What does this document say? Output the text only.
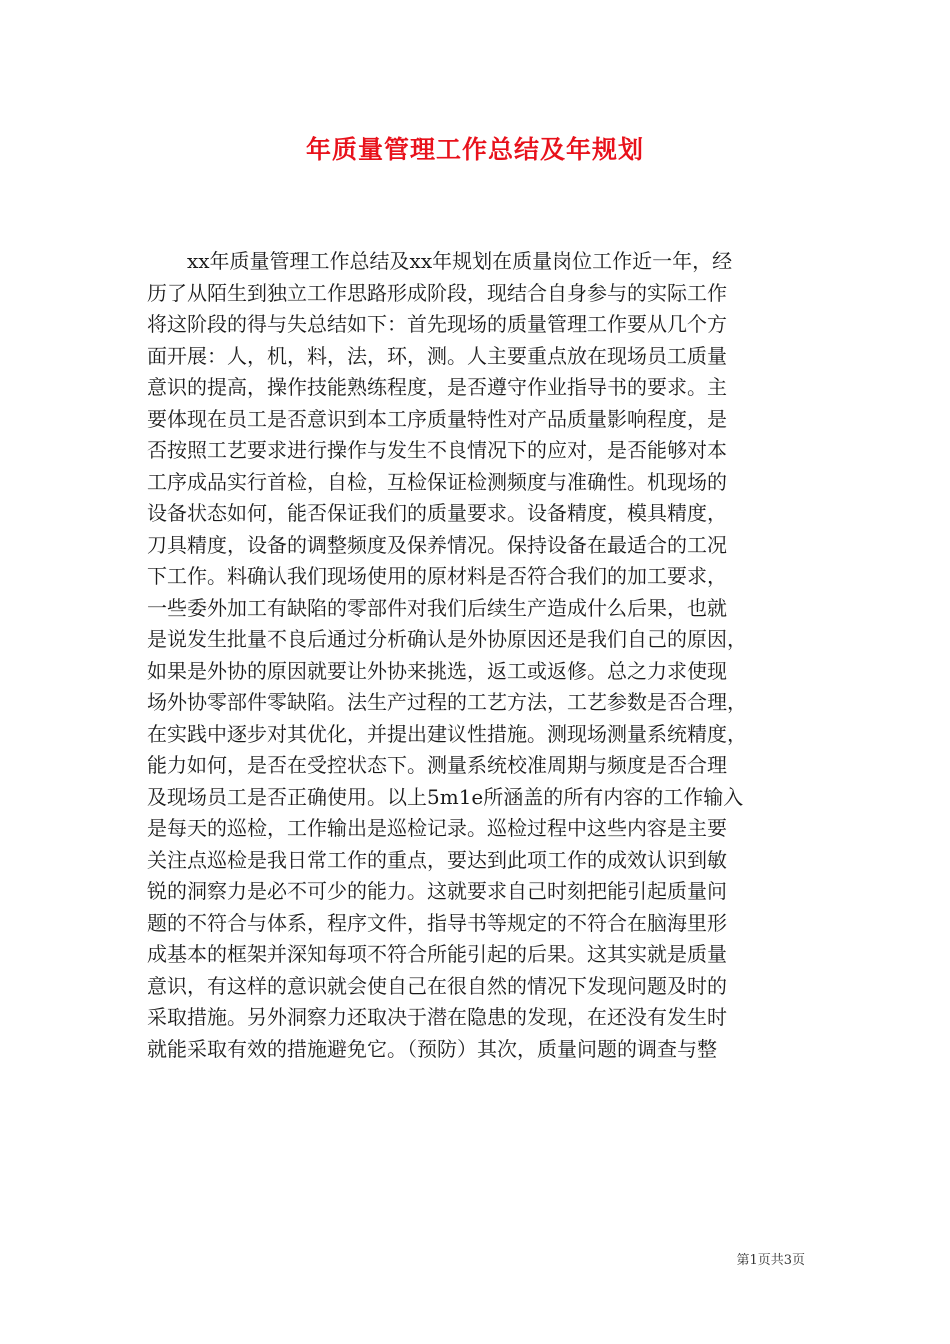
年质量管理工作总结及年规划
xx年质量管理工作总结及xx年规划在质量岗位工作近一年，经
历了从陌生到独立工作思路形成阶段，现结合自身参与的实际工作
将这阶段的得与失总结如下：首先现场的质量管理工作要从几个方
面开展：人，机，料，法，环，测。人主要重点放在现场员工质量
意识的提高，操作技能熟练程度，是否遵守作业指导书的要求。主
要体现在员工是否意识到本工序质量特性对产品质量影响程度，是
否按照工艺要求进行操作与发生不良情况下的应对，是否能够对本
工序成品实行首检，自检，互检保证检测频度与准确性。机现场的
设备状态如何，能否保证我们的质量要求。设备精度，模具精度，
刀具精度，设备的调整频度及保养情况。保持设备在最适合的工况
下工作。料确认我们现场使用的原材料是否符合我们的加工要求，
一些委外加工有缺陷的零部件对我们后续生产造成什么后果，也就
是说发生批量不良后通过分析确认是外协原因还是我们自己的原因，
如果是外协的原因就要让外协来挑选，返工或返修。总之力求使现
场外协零部件零缺陷。法生产过程的工艺方法，工艺参数是否合理，
在实践中逐步对其优化，并提出建议性措施。测现场测量系统精度，
能力如何，是否在受控状态下。测量系统校准周期与频度是否合理
及现场员工是否正确使用。以上5m1e所涵盖的所有内容的工作输入
是每天的巡检，工作输出是巡检记录。巡检过程中这些内容是主要
关注点巡检是我日常工作的重点，要达到此项工作的成效认识到敏
锐的洞察力是必不可少的能力。这就要求自己时刻把能引起质量问
题的不符合与体系，程序文件，指导书等规定的不符合在脑海里形
成基本的框架并深知每项不符合所能引起的后果。这其实就是质量
意识，有这样的意识就会使自己在很自然的情况下发现问题及时的
采取措施。另外洞察力还取决于潜在隐患的发现，在还没有发生时
就能采取有效的措施避免它。（预防）其次，质量问题的调查与整
第1页共3页
